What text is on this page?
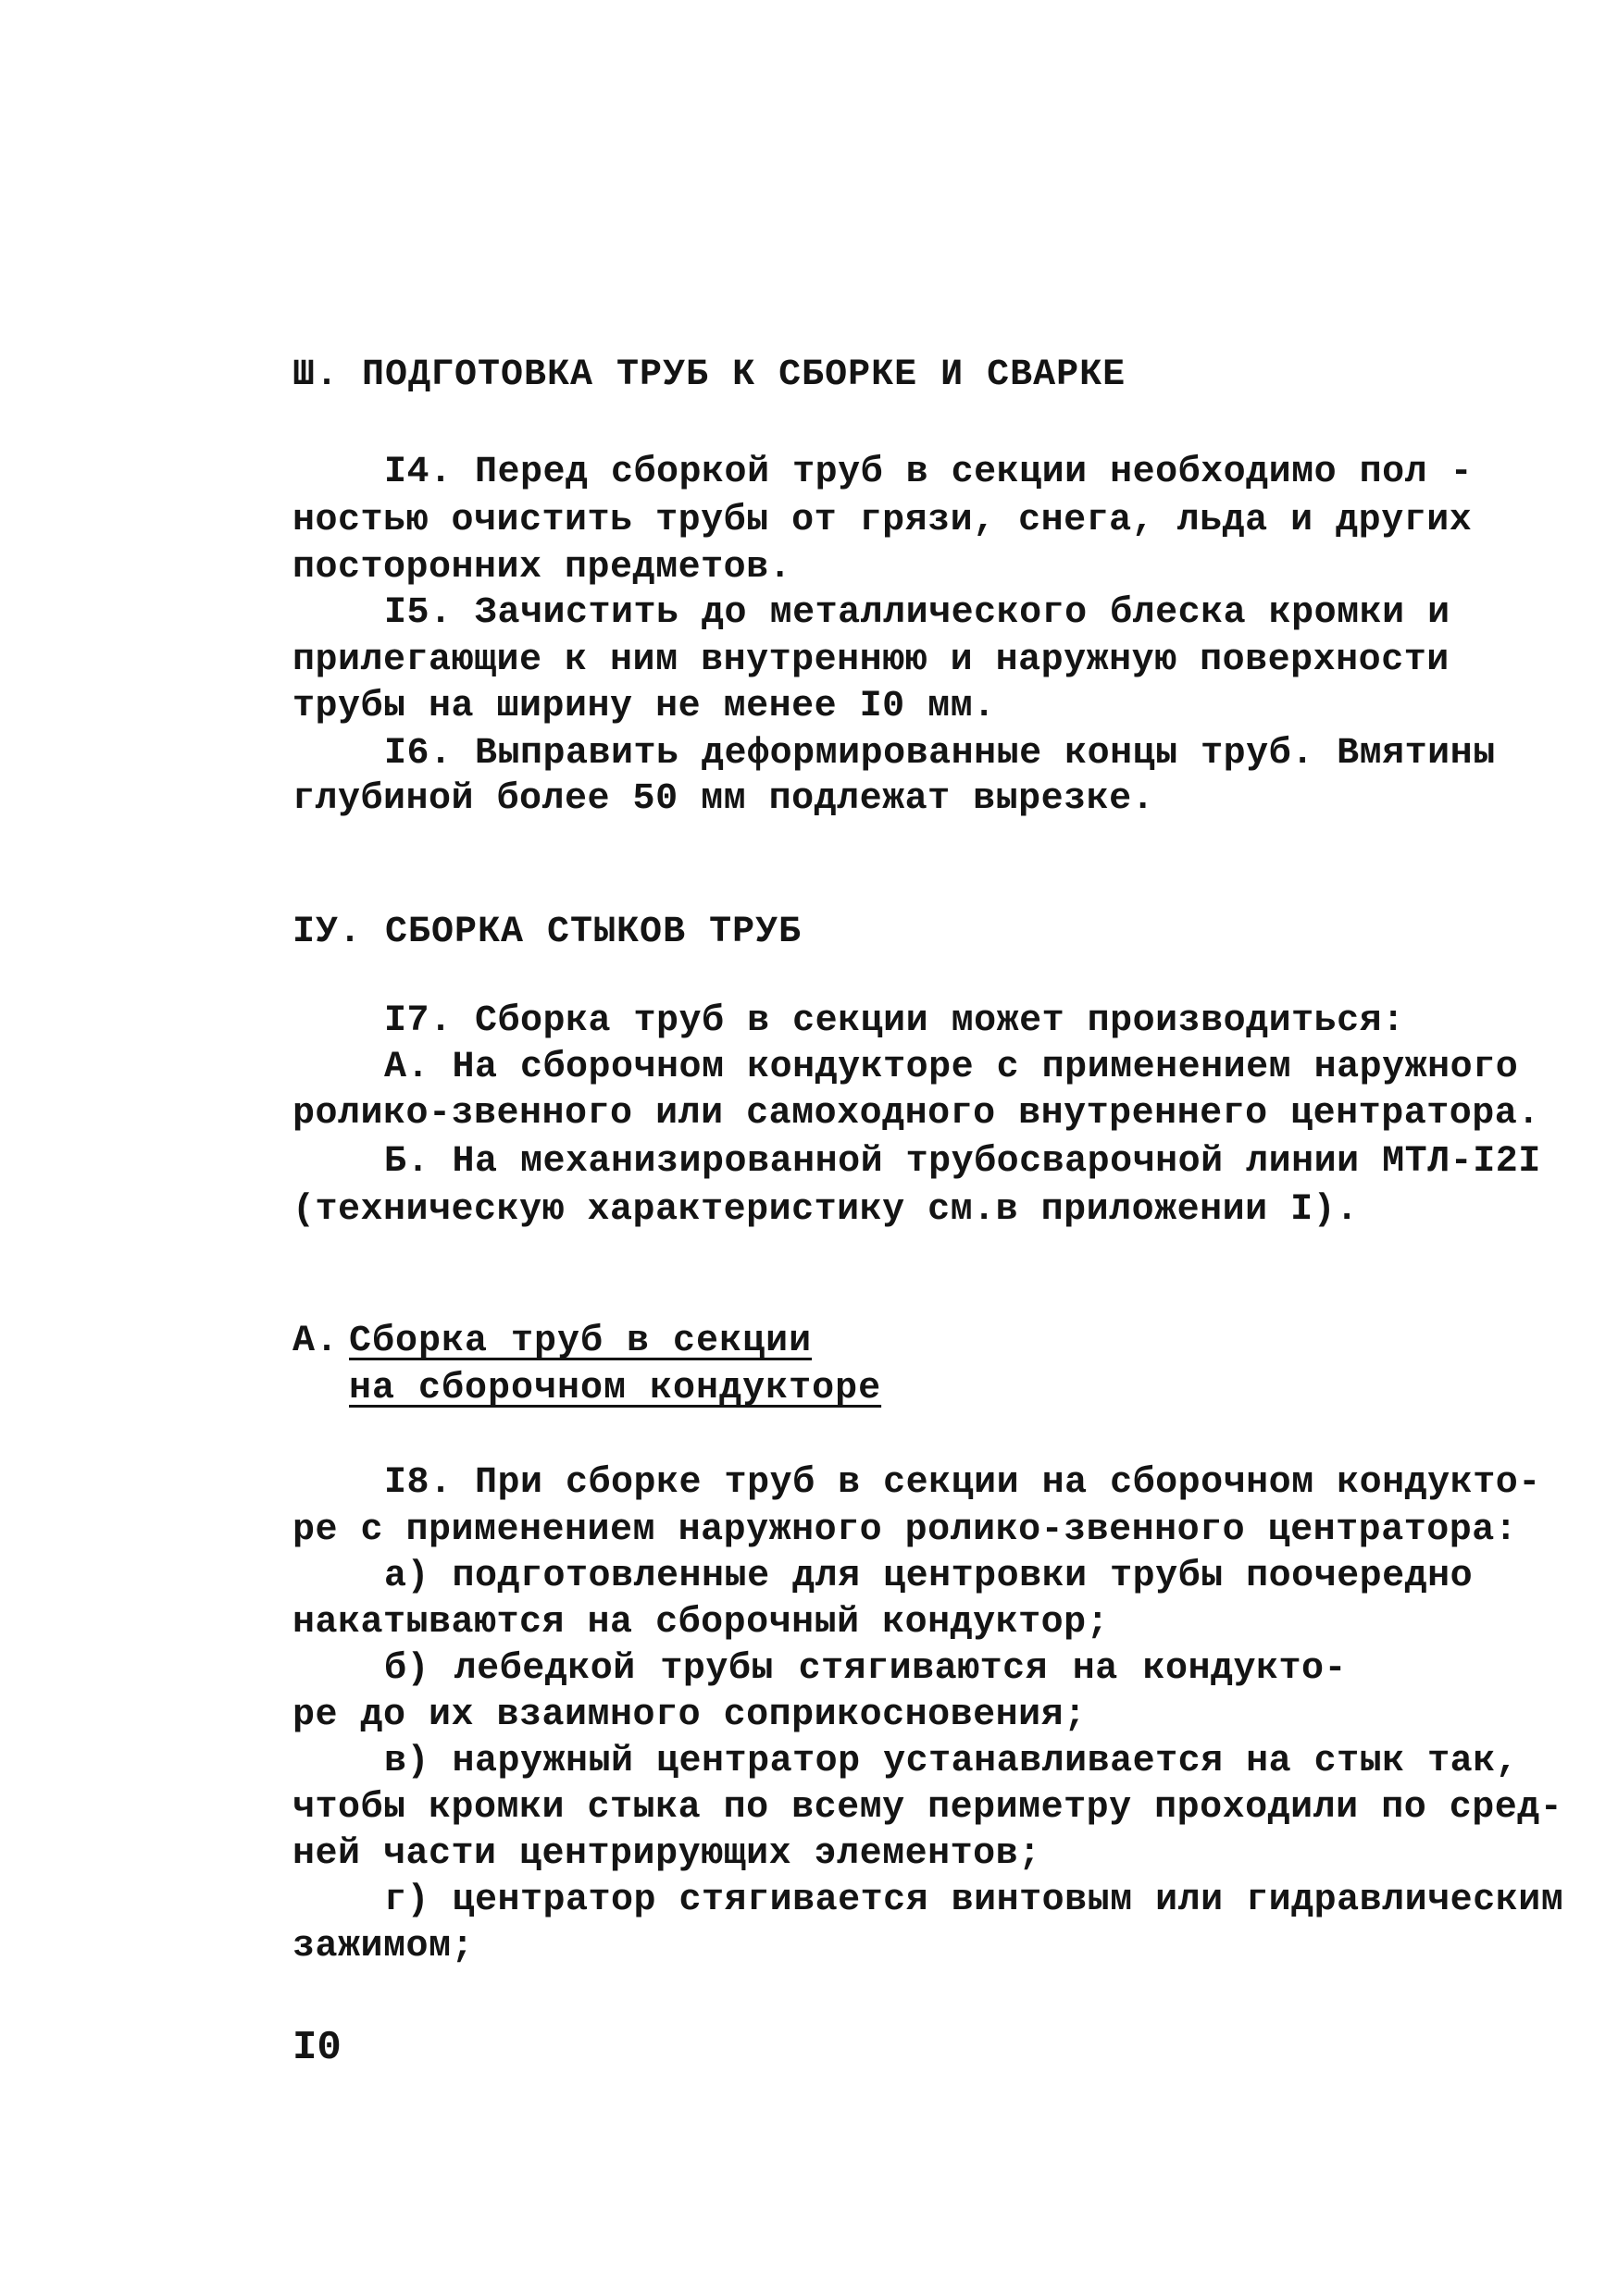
Ш. ПОДГОТОВКА ТРУБ К СБОРКЕ И СВАРКЕ
I4. Перед сборкой труб в секции необходимо пол -
ностью очистить трубы от грязи, снега, льда и других
посторонних предметов.
I5. Зачистить до металлического блеска кромки и
прилегающие к ним внутреннюю и наружную поверхности
трубы на ширину не менее I0 мм.
I6. Выправить деформированные концы труб. Вмятины
глубиной более 50 мм подлежат вырезке.
IУ. СБОРКА СТЫКОВ ТРУБ
I7. Сборка труб в секции может производиться:
А. На сборочном кондукторе с применением наружного
ролико-звенного или самоходного внутреннего центратора.
Б. На механизированной трубосварочной линии МТЛ-I2I
(техническую характеристику см.в приложении I).
А. Сборка труб в секции
на сборочном кондукторе
I8. При сборке труб в секции на сборочном кондукто-
ре с применением наружного ролико-звенного центратора:
а) подготовленные для центровки трубы поочередно
накатываются на сборочный кондуктор;
б) лебедкой трубы стягиваются на кондукто-
ре до их взаимного соприкосновения;
в) наружный центратор устанавливается на стык так,
чтобы кромки стыка по всему периметру проходили по сред-
ней части центрирующих элементов;
г) центратор стягивается винтовым или гидравлическим
зажимом;
I0
